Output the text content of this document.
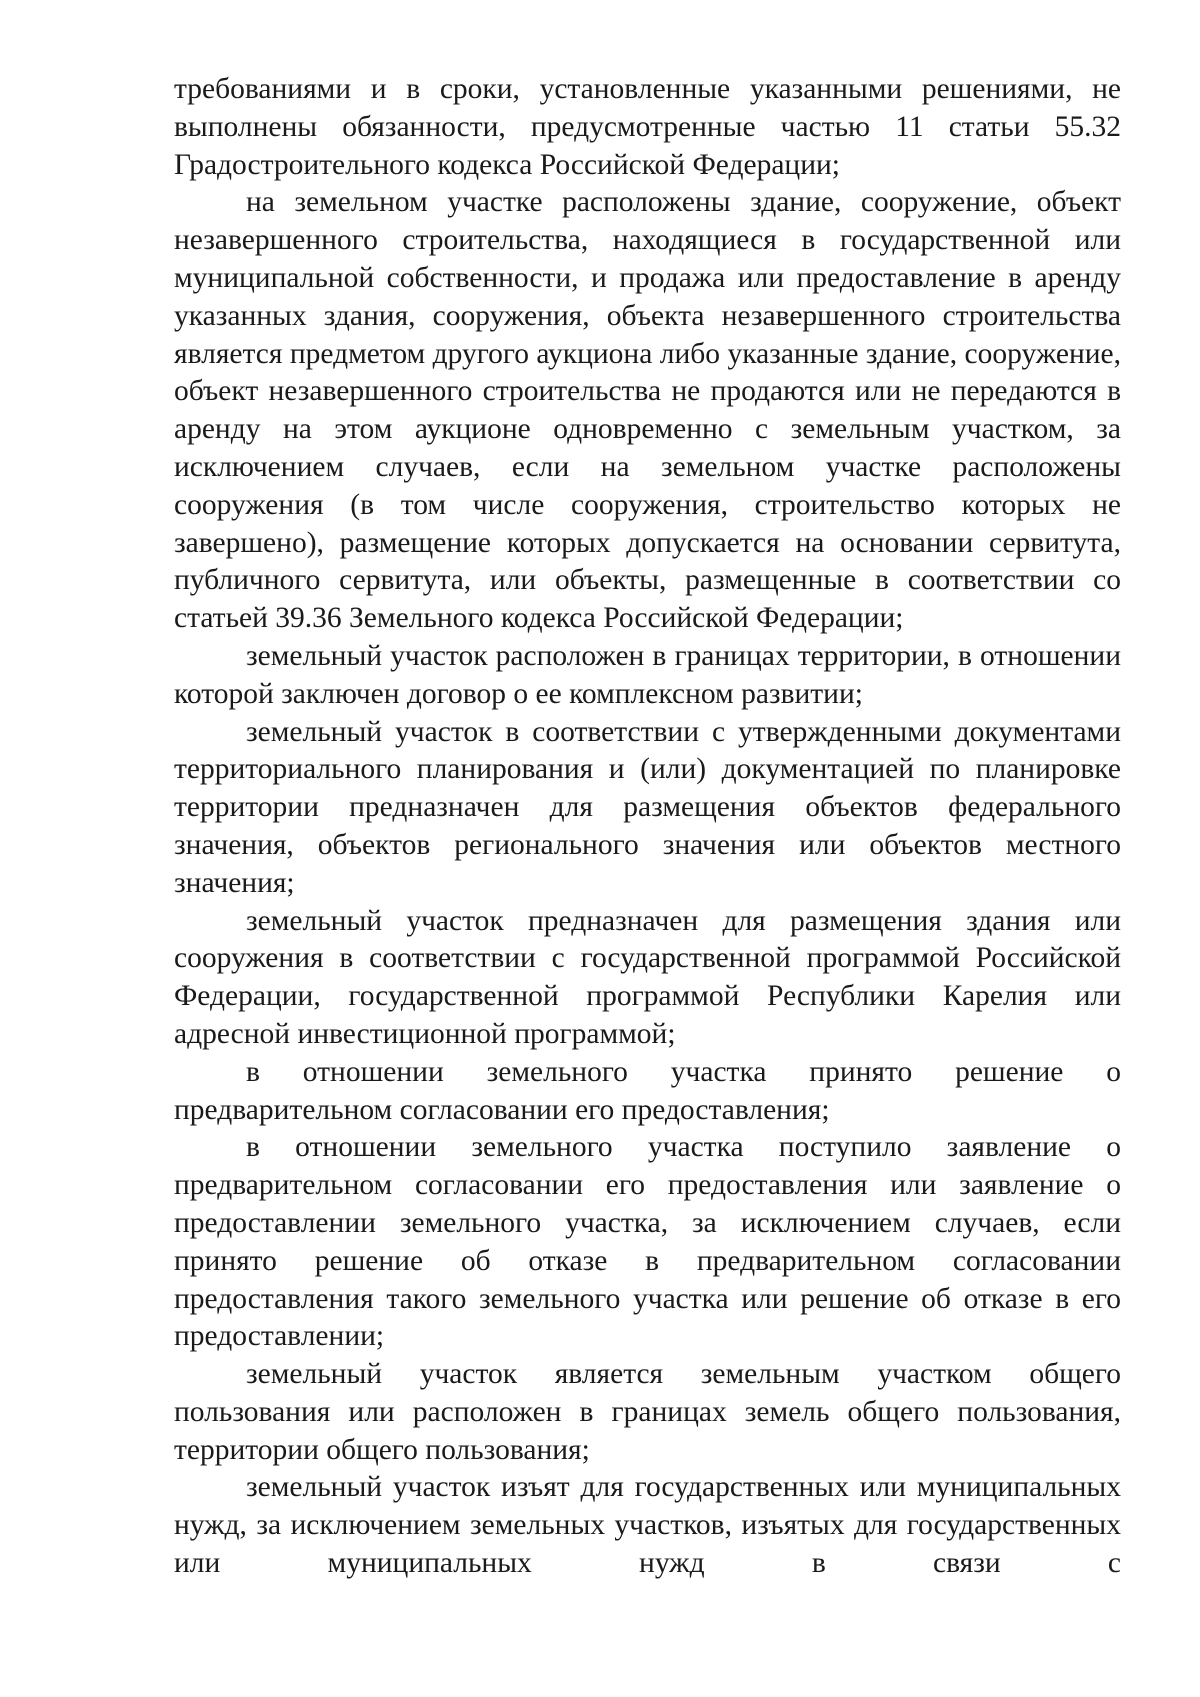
требованиями и в сроки, установленные указанными решениями, не выполнены обязанности, предусмотренные частью 11 статьи 55.32 Градостроительного кодекса Российской Федерации;

на земельном участке расположены здание, сооружение, объект незавершенного строительства, находящиеся в государственной или муниципальной собственности, и продажа или предоставление в аренду указанных здания, сооружения, объекта незавершенного строительства является предметом другого аукциона либо указанные здание, сооружение, объект незавершенного строительства не продаются или не передаются в аренду на этом аукционе одновременно с земельным участком, за исключением случаев, если на земельном участке расположены сооружения (в том числе сооружения, строительство которых не завершено), размещение которых допускается на основании сервитута, публичного сервитута, или объекты, размещенные в соответствии со статьей 39.36 Земельного кодекса Российской Федерации;

земельный участок расположен в границах территории, в отношении которой заключен договор о ее комплексном развитии;

земельный участок в соответствии с утвержденными документами территориального планирования и (или) документацией по планировке территории предназначен для размещения объектов федерального значения, объектов регионального значения или объектов местного значения;

земельный участок предназначен для размещения здания или сооружения в соответствии с государственной программой Российской Федерации, государственной программой Республики Карелия или адресной инвестиционной программой;

в отношении земельного участка принято решение о предварительном согласовании его предоставления;

в отношении земельного участка поступило заявление о предварительном согласовании его предоставления или заявление о предоставлении земельного участка, за исключением случаев, если принято решение об отказе в предварительном согласовании предоставления такого земельного участка или решение об отказе в его предоставлении;

земельный участок является земельным участком общего пользования или расположен в границах земель общего пользования, территории общего пользования;

земельный участок изъят для государственных или муниципальных нужд, за исключением земельных участков, изъятых для государственных или муниципальных нужд в связи с
